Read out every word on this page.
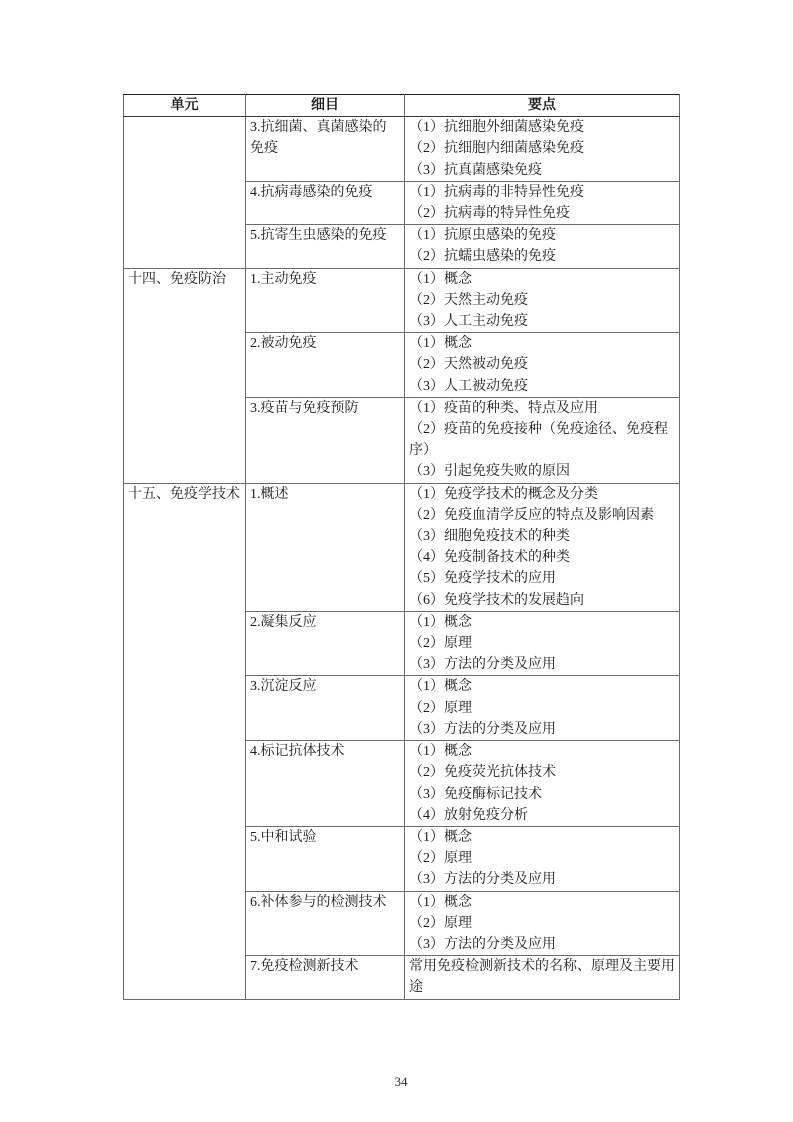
单元	细目	要点
	3.抗细菌、真菌感染的免疫	（1）抗细胞外细菌感染免疫
（2）抗细胞内细菌感染免疫
（3）抗真菌感染免疫

	4.抗病毒感染的免疫	（1）抗病毒的非特异性免疫
（2）抗病毒的特异性免疫

	5.抗寄生虫感染的免疫	（1）抗原虫感染的免疫
（2）抗蠕虫感染的免疫

十四、免疫防治	1.主动免疫	（1）概念
（2）天然主动免疫
（3）人工主动免疫

	2.被动免疫	（1）概念
（2）天然被动免疫
（3）人工被动免疫

	3.疫苗与免疫预防	（1）疫苗的种类、特点及应用
（2）疫苗的免疫接种（免疫途径、免疫程序）
（3）引起免疫失败的原因

十五、免疫学技术	1.概述	（1）免疫学技术的概念及分类
（2）免疫血清学反应的特点及影响因素
（3）细胞免疫技术的种类
（4）免疫制备技术的种类
（5）免疫学技术的应用
（6）免疫学技术的发展趋向

	2.凝集反应	（1）概念
（2）原理
（3）方法的分类及应用

	3.沉淀反应	（1）概念
（2）原理
（3）方法的分类及应用

	4.标记抗体技术	（1）概念
（2）免疫荧光抗体技术
（3）免疫酶标记技术
（4）放射免疫分析

	5.中和试验	（1）概念
（2）原理
（3）方法的分类及应用

	6.补体参与的检测技术	（1）概念
（2）原理
（3）方法的分类及应用

	7.免疫检测新技术	常用免疫检测新技术的名称、原理及主要用途
34
